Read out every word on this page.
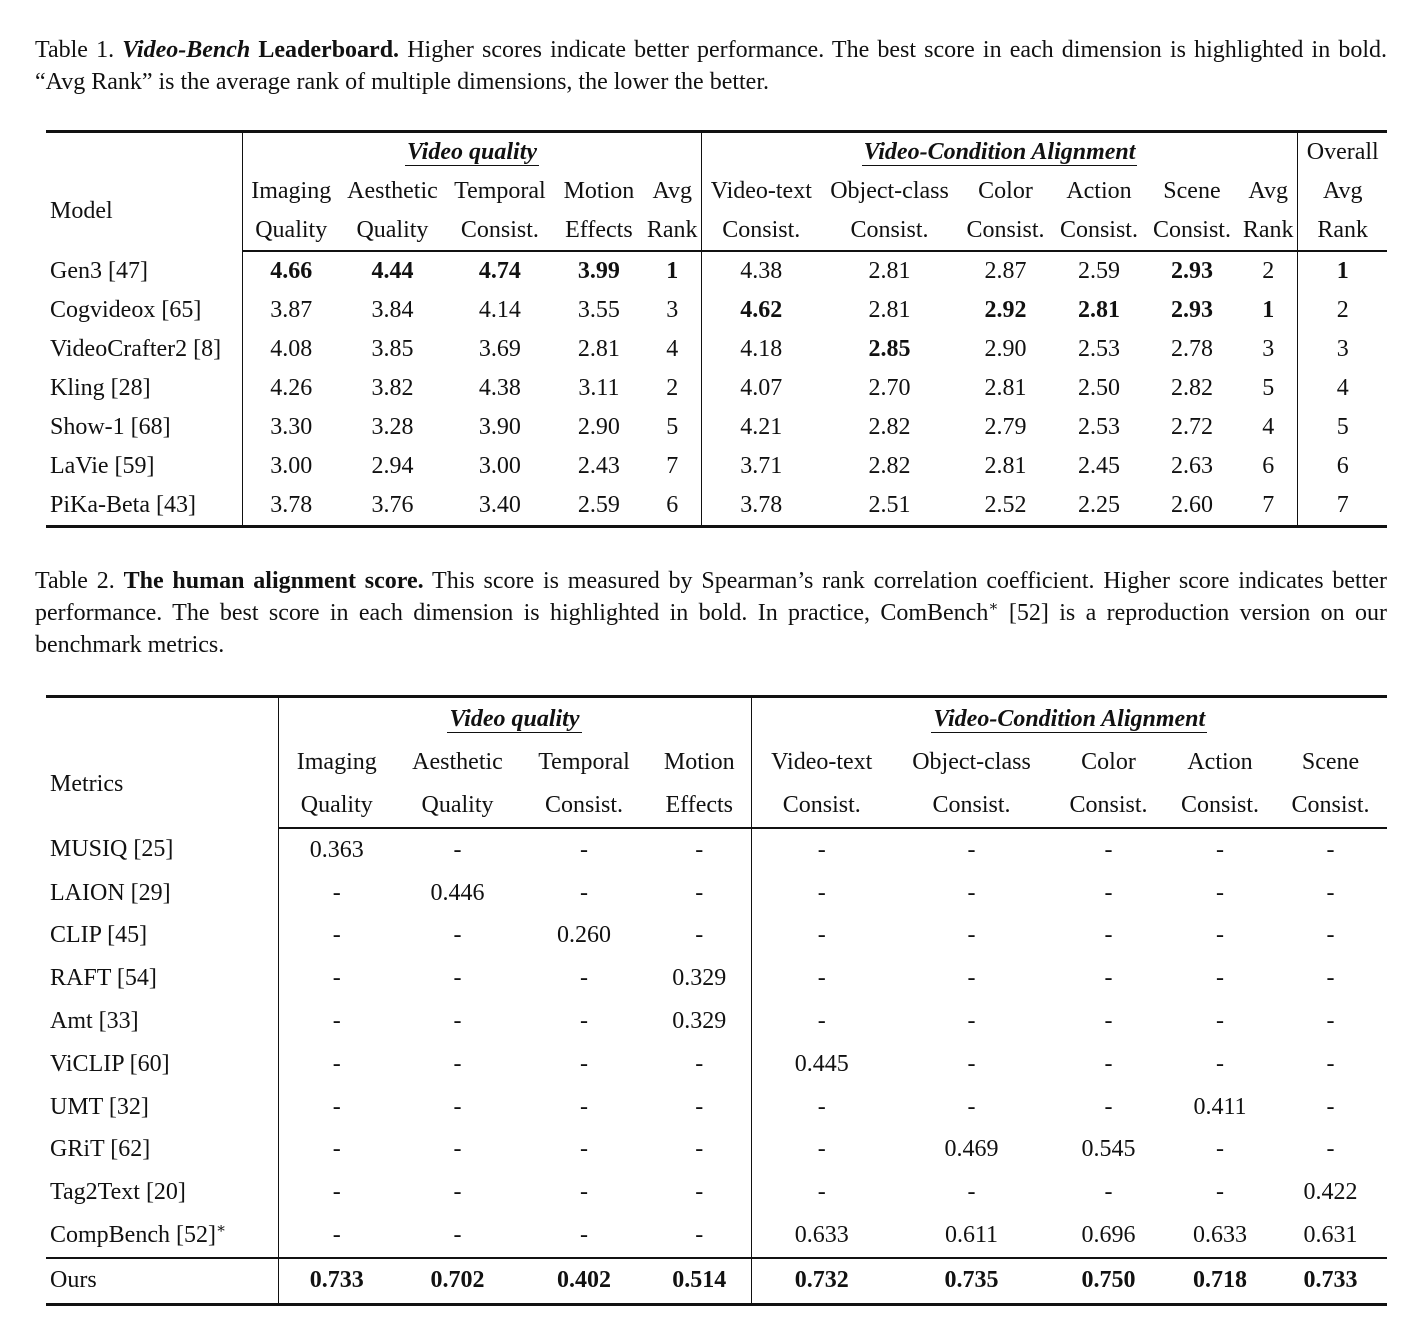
Table 1. Video-Bench Leaderboard. Higher scores indicate better performance. The best score in each dimension is highlighted in bold. “Avg Rank” is the average rank of multiple dimensions, the lower the better.
	Video quality					Video-Condition Alignment						Overall
Model	Imaging	Aesthetic	Temporal	Motion	Avg	Video-text	Object-class	Color	Action	Scene	Avg	Avg
	Quality	Quality	Consist.	Effects	Rank	Consist.	Consist.	Consist.	Consist.	Consist.	Rank	Rank
Gen3 [47]	4.66	4.44	4.74	3.99	1	4.38	2.81	2.87	2.59	2.93	2	1
Cogvideox [65]	3.87	3.84	4.14	3.55	3	4.62	2.81	2.92	2.81	2.93	1	2
VideoCrafter2 [8]	4.08	3.85	3.69	2.81	4	4.18	2.85	2.90	2.53	2.78	3	3
Kling [28]	4.26	3.82	4.38	3.11	2	4.07	2.70	2.81	2.50	2.82	5	4
Show-1 [68]	3.30	3.28	3.90	2.90	5	4.21	2.82	2.79	2.53	2.72	4	5
LaVie [59]	3.00	2.94	3.00	2.43	7	3.71	2.82	2.81	2.45	2.63	6	6
PiKa-Beta [43]	3.78	3.76	3.40	2.59	6	3.78	2.51	2.52	2.25	2.60	7	7
Table 2. The human alignment score. This score is measured by Spearman’s rank correlation coefficient. Higher score indicates better performance. The best score in each dimension is highlighted in bold. In practice, ComBench∗ [52] is a reproduction version on our benchmark metrics.
	Video quality				Video-Condition Alignment				
Metrics	Imaging	Aesthetic	Temporal	Motion	Video-text	Object-class	Color	Action	Scene
	Quality	Quality	Consist.	Effects	Consist.	Consist.	Consist.	Consist.	Consist.
MUSIQ [25]	0.363	-	-	-	-	-	-	-	-
LAION [29]	-	0.446	-	-	-	-	-	-	-
CLIP [45]	-	-	0.260	-	-	-	-	-	-
RAFT [54]	-	-	-	0.329	-	-	-	-	-
Amt [33]	-	-	-	0.329	-	-	-	-	-
ViCLIP [60]	-	-	-	-	0.445	-	-	-	-
UMT [32]	-	-	-	-	-	-	-	0.411	-
GRiT [62]	-	-	-	-	-	0.469	0.545	-	-
Tag2Text [20]	-	-	-	-	-	-	-	-	0.422
CompBench [52]∗	-	-	-	-	0.633	0.611	0.696	0.633	0.631
Ours	0.733	0.702	0.402	0.514	0.732	0.735	0.750	0.718	0.733
